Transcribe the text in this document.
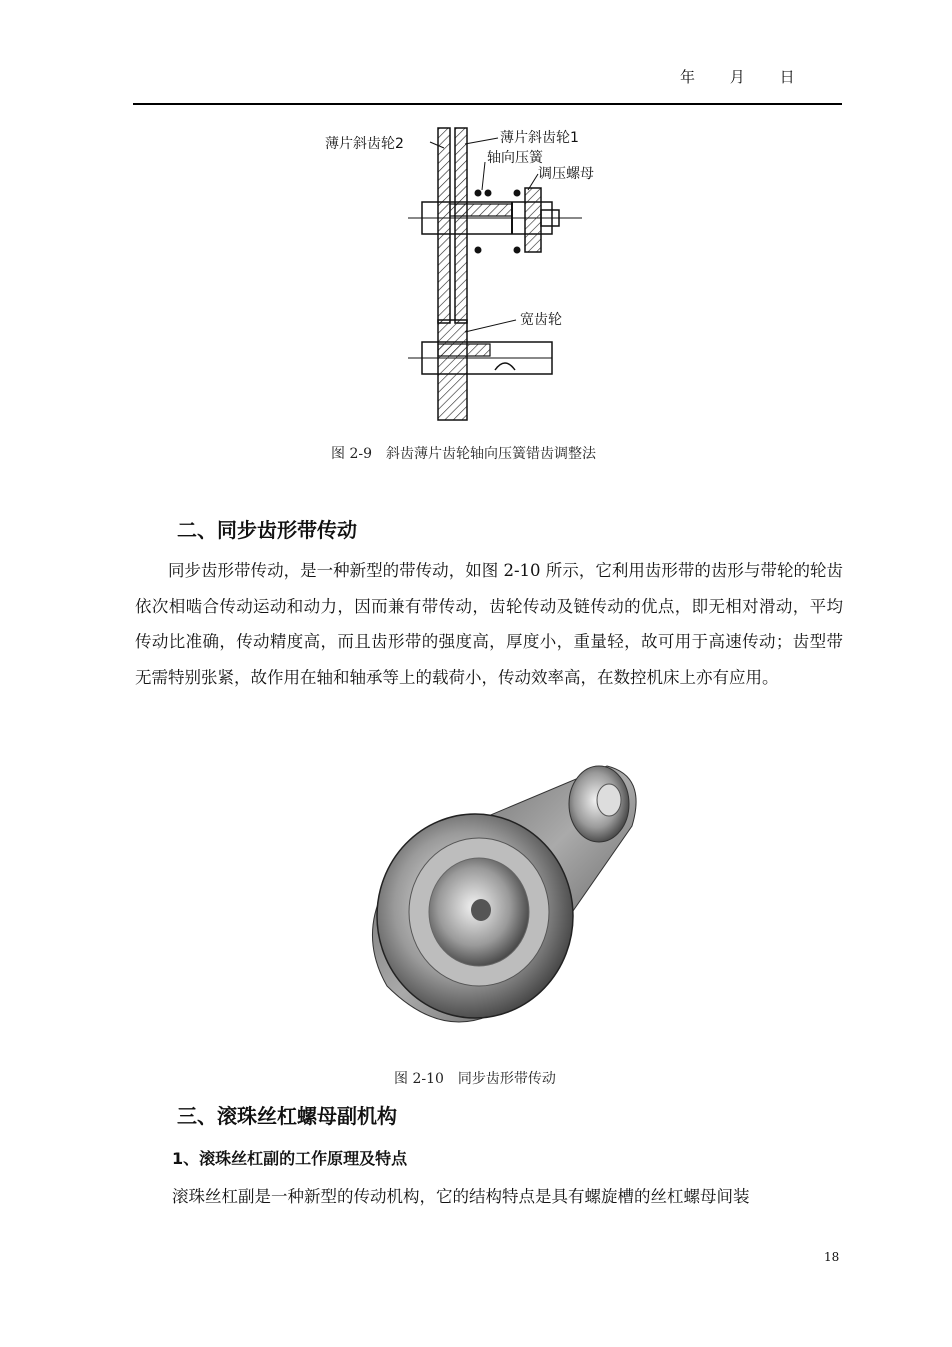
年 月 日
薄片斜齿轮2	薄片斜齿轮1
轴向压簧
调压螺母
宽齿轮
图 2-9　斜齿薄片齿轮轴向压簧错齿调整法
二、同步齿形带传动
同步齿形带传动，是一种新型的带传动，如图 2-10 所示，它利用齿形带的齿形与带轮的轮齿依次相啮合传动运动和动力，因而兼有带传动，齿轮传动及链传动的优点，即无相对滑动，平均传动比准确，传动精度高，而且齿形带的强度高，厚度小，重量轻，故可用于高速传动；齿型带无需特别张紧，故作用在轴和轴承等上的载荷小，传动效率高，在数控机床上亦有应用。
图 2-10　同步齿形带传动
三、滚珠丝杠螺母副机构
1、滚珠丝杠副的工作原理及特点
滚珠丝杠副是一种新型的传动机构，它的结构特点是具有螺旋槽的丝杠螺母间装
18
